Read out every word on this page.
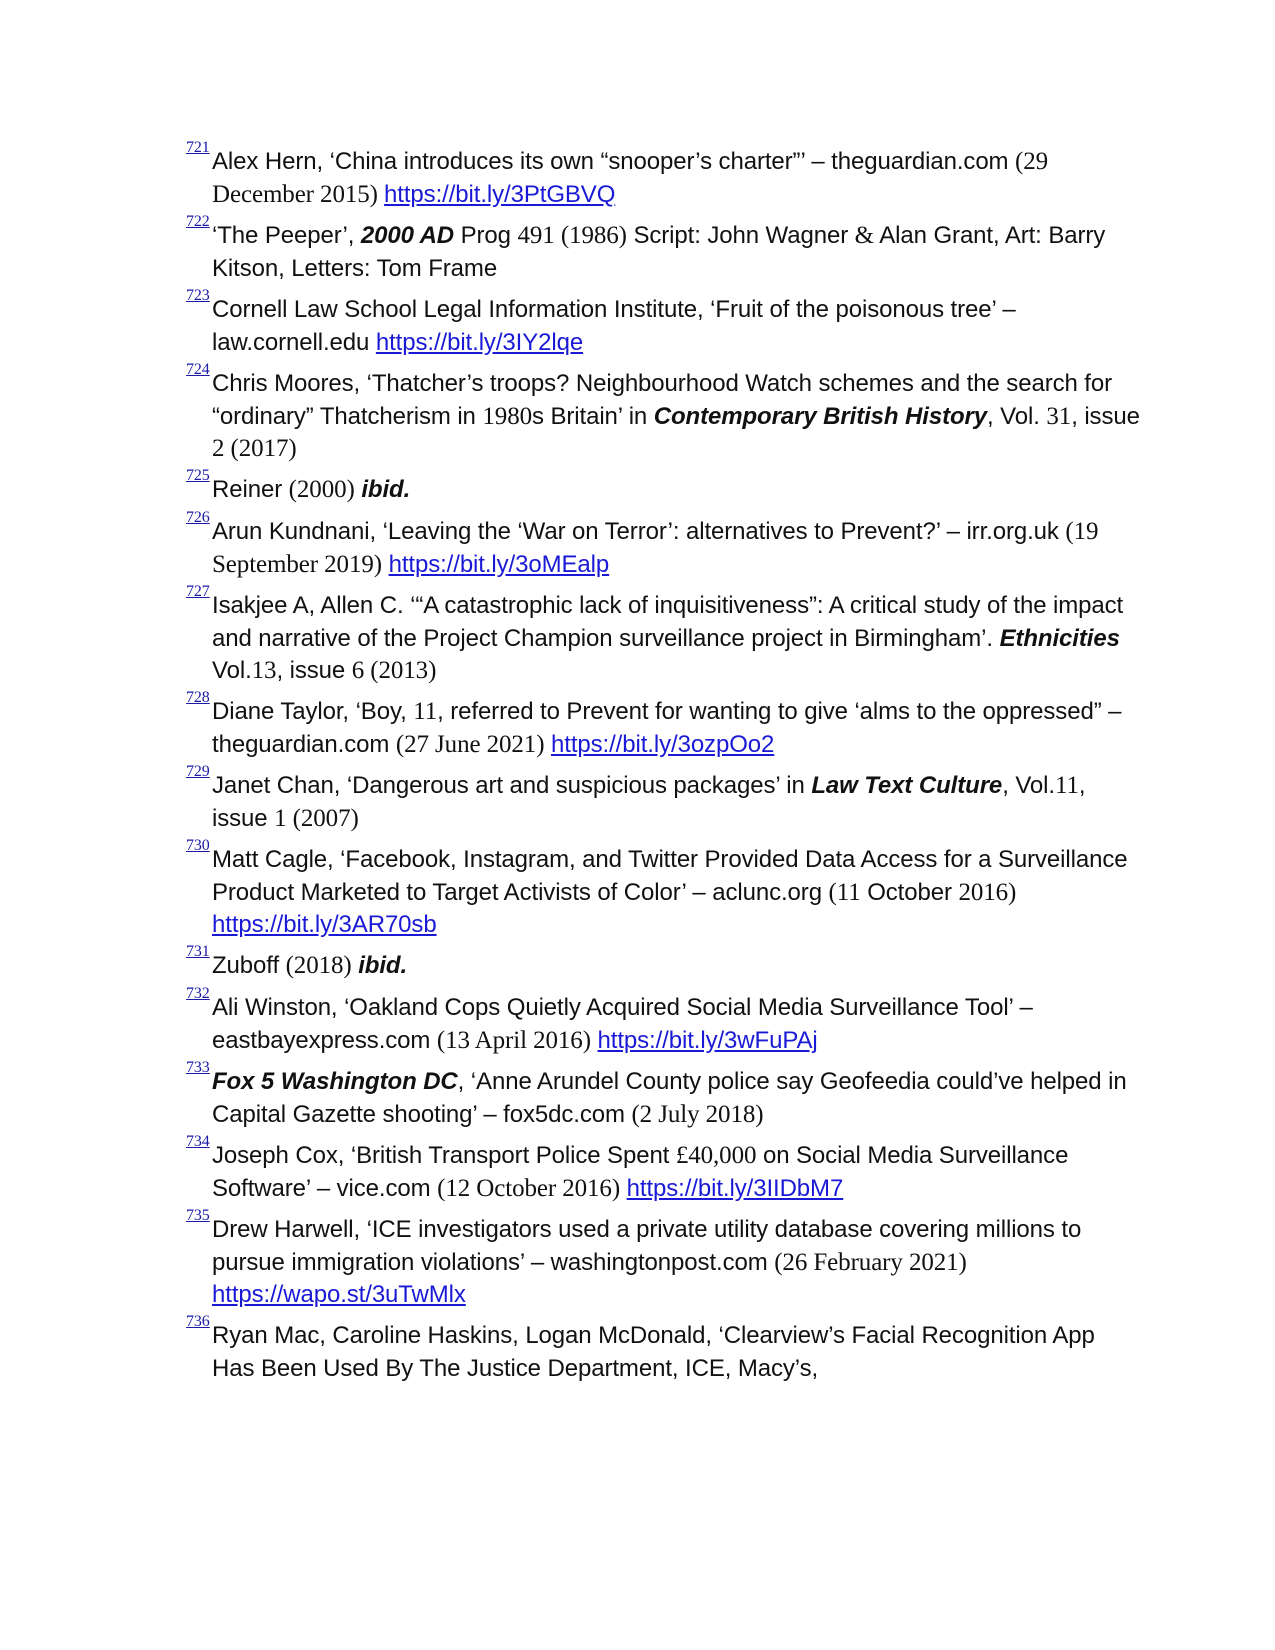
721
Alex Hern, ‘China introduces its own “snooper’s charter”’ – theguardian.com (29 December 2015) https://bit.ly/3PtGBVQ
722
‘The Peeper’, 2000 AD Prog 491 (1986) Script: John Wagner & Alan Grant, Art: Barry Kitson, Letters: Tom Frame
723
Cornell Law School Legal Information Institute, ‘Fruit of the poisonous tree’ – law.cornell.edu https://bit.ly/3IY2lqe
724
Chris Moores, ‘Thatcher’s troops? Neighbourhood Watch schemes and the search for “ordinary” Thatcherism in 1980s Britain’ in Contemporary British History, Vol. 31, issue 2 (2017)
725
Reiner (2000) ibid.
726
Arun Kundnani, ‘Leaving the ‘War on Terror’: alternatives to Prevent?’ – irr.org.uk (19 September 2019) https://bit.ly/3oMEalp
727
Isakjee A, Allen C. ‘“A catastrophic lack of inquisitiveness”: A critical study of the impact and narrative of the Project Champion surveillance project in Birmingham’. Ethnicities Vol.13, issue 6 (2013)
728
Diane Taylor, ‘Boy, 11, referred to Prevent for wanting to give ‘alms to the oppressed” – theguardian.com (27 June 2021) https://bit.ly/3ozpOo2
729
Janet Chan, ‘Dangerous art and suspicious packages’ in Law Text Culture, Vol.11, issue 1 (2007)
730
Matt Cagle, ‘Facebook, Instagram, and Twitter Provided Data Access for a Surveillance Product Marketed to Target Activists of Color’ – aclunc.org (11 October 2016) https://bit.ly/3AR70sb
731
Zuboff (2018) ibid.
732
Ali Winston, ‘Oakland Cops Quietly Acquired Social Media Surveillance Tool’ – eastbayexpress.com (13 April 2016) https://bit.ly/3wFuPAj
733
Fox 5 Washington DC, ‘Anne Arundel County police say Geofeedia could’ve helped in Capital Gazette shooting’ – fox5dc.com (2 July 2018)
734
Joseph Cox, ‘British Transport Police Spent £40,000 on Social Media Surveillance Software’ – vice.com (12 October 2016) https://bit.ly/3IIDbM7
735
Drew Harwell, ‘ICE investigators used a private utility database covering millions to pursue immigration violations’ – washingtonpost.com (26 February 2021) https://wapo.st/3uTwMlx
736
Ryan Mac, Caroline Haskins, Logan McDonald, ‘Clearview’s Facial Recognition App Has Been Used By The Justice Department, ICE, Macy’s,
